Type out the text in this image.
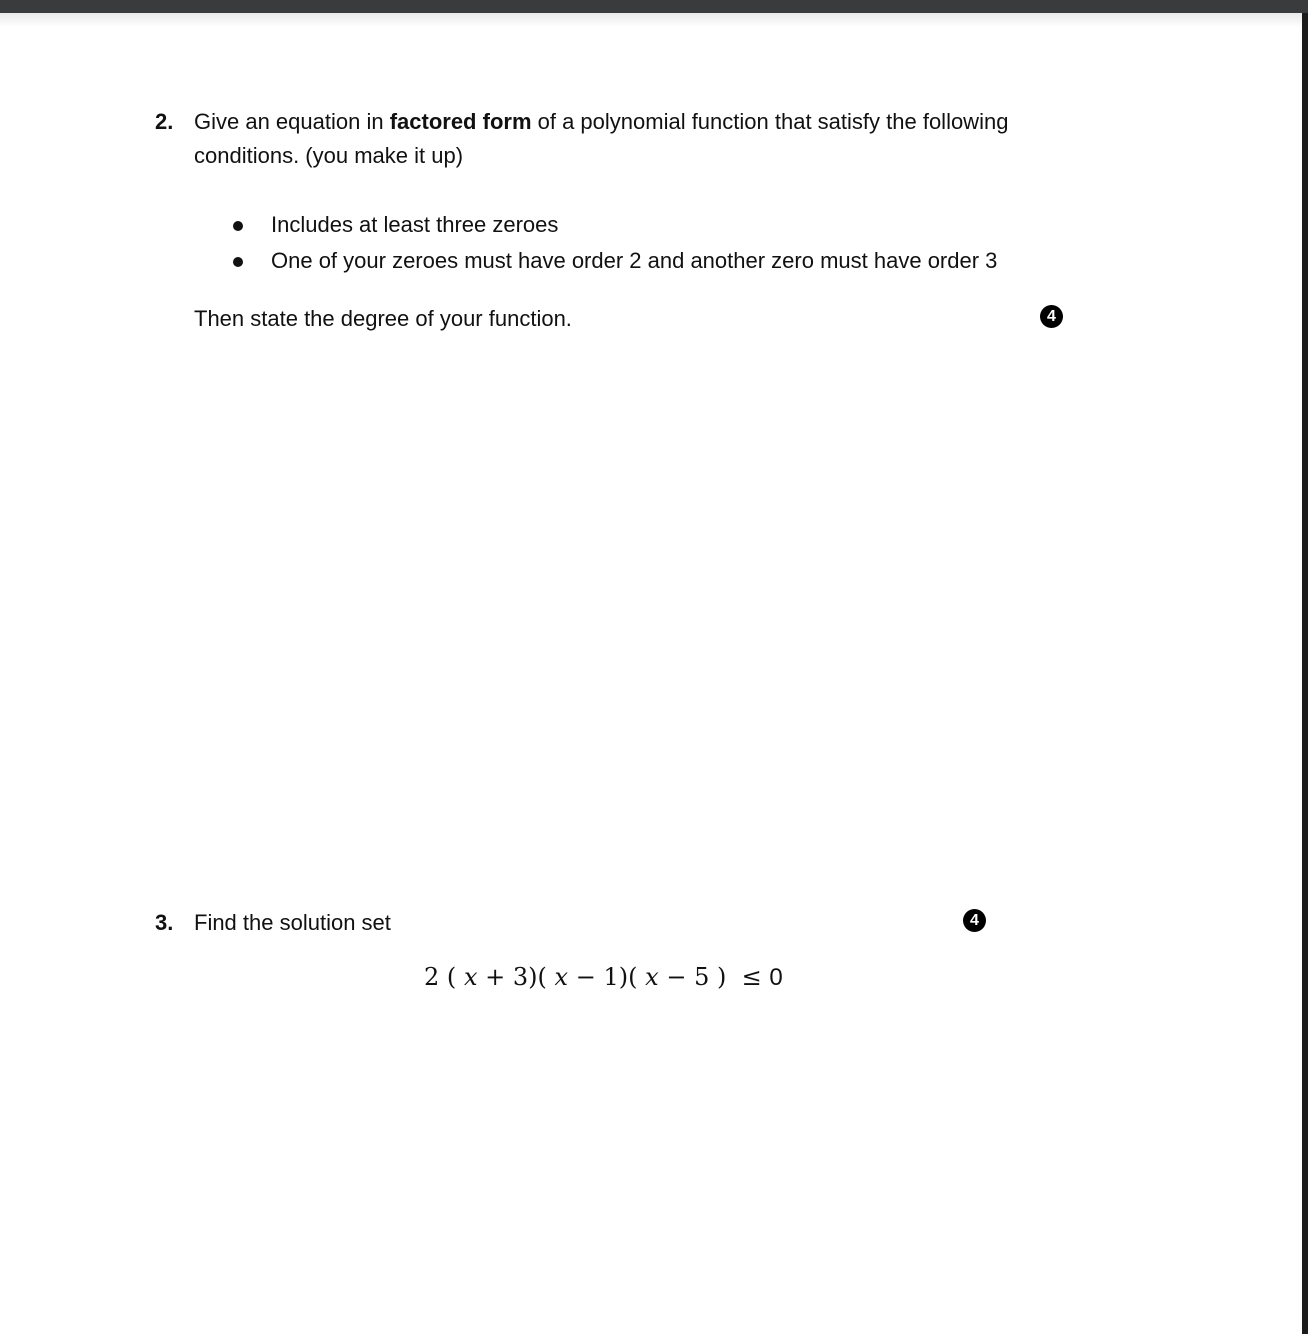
2. Give an equation in factored form of a polynomial function that satisfy the following
conditions. (you make it up)
Includes at least three zeroes
One of your zeroes must have order 2 and another zero must have order 3
Then state the degree of your function.	4
3. Find the solution set	4
2 ( x + 3)( x − 1)( x − 5 ) ≤ 0
